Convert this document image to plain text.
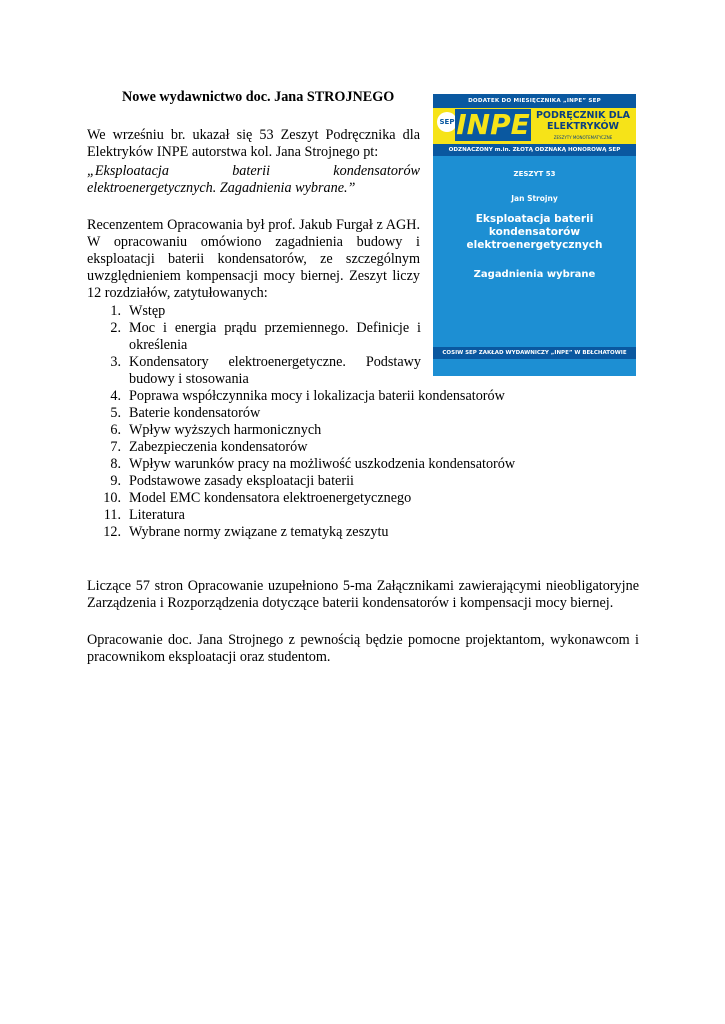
Nowe wydawnictwo doc. Jana STROJNEGO
We wrześniu br. ukazał się 53 Zeszyt Podręcznika dla Elektryków INPE autorstwa kol. Jana Strojnego pt:
„Eksploatacja baterii kondensatorów elektroenergetycznych. Zagadnienia wybrane.”
Recenzentem Opracowania był prof. Jakub Furgał z AGH. W opracowaniu omówiono zagadnienia budowy i eksploatacji baterii kondensatorów, ze szczególnym uwzględnieniem kompensacji mocy biernej. Zeszyt liczy 12 rozdziałów, zatytułowanych:
1. Wstęp
2. Moc i energia prądu przemiennego. Definicje i określenia
3. Kondensatory elektroenergetyczne. Podstawy budowy i stosowania
4. Poprawa współczynnika mocy i lokalizacja baterii kondensatorów
5. Baterie kondensatorów
6. Wpływ wyższych harmonicznych
7. Zabezpieczenia kondensatorów
8. Wpływ warunków pracy na możliwość uszkodzenia kondensatorów
9. Podstawowe zasady eksploatacji baterii
10. Model EMC kondensatora elektroenergetycznego
11. Literatura
12. Wybrane normy związane z tematyką zeszytu
Liczące 57 stron Opracowanie uzupełniono 5-ma Załącznikami zawierającymi nieobligatoryjne Zarządzenia i Rozporządzenia dotyczące baterii kondensatorów i kompensacji mocy biernej.
Opracowanie doc. Jana Strojnego z pewnością będzie pomocne projektantom, wykonawcom i pracownikom eksploatacji oraz studentom.
DODATEK DO MIESIĘCZNIKA „INPE” SEP
SEP INPE PODRĘCZNIK DLA ELEKTRYKÓW
ZESZYTY MONOTEMATYCZNE
ODZNACZONY m.in. ZŁOTĄ ODZNAKĄ HONOROWĄ SEP
ZESZYT 53
Jan Strojny
Eksploatacja baterii kondensatorów elektroenergetycznych
Zagadnienia wybrane
COSIW SEP ZAKŁAD WYDAWNICZY „INPE” W BEŁCHATOWIE
